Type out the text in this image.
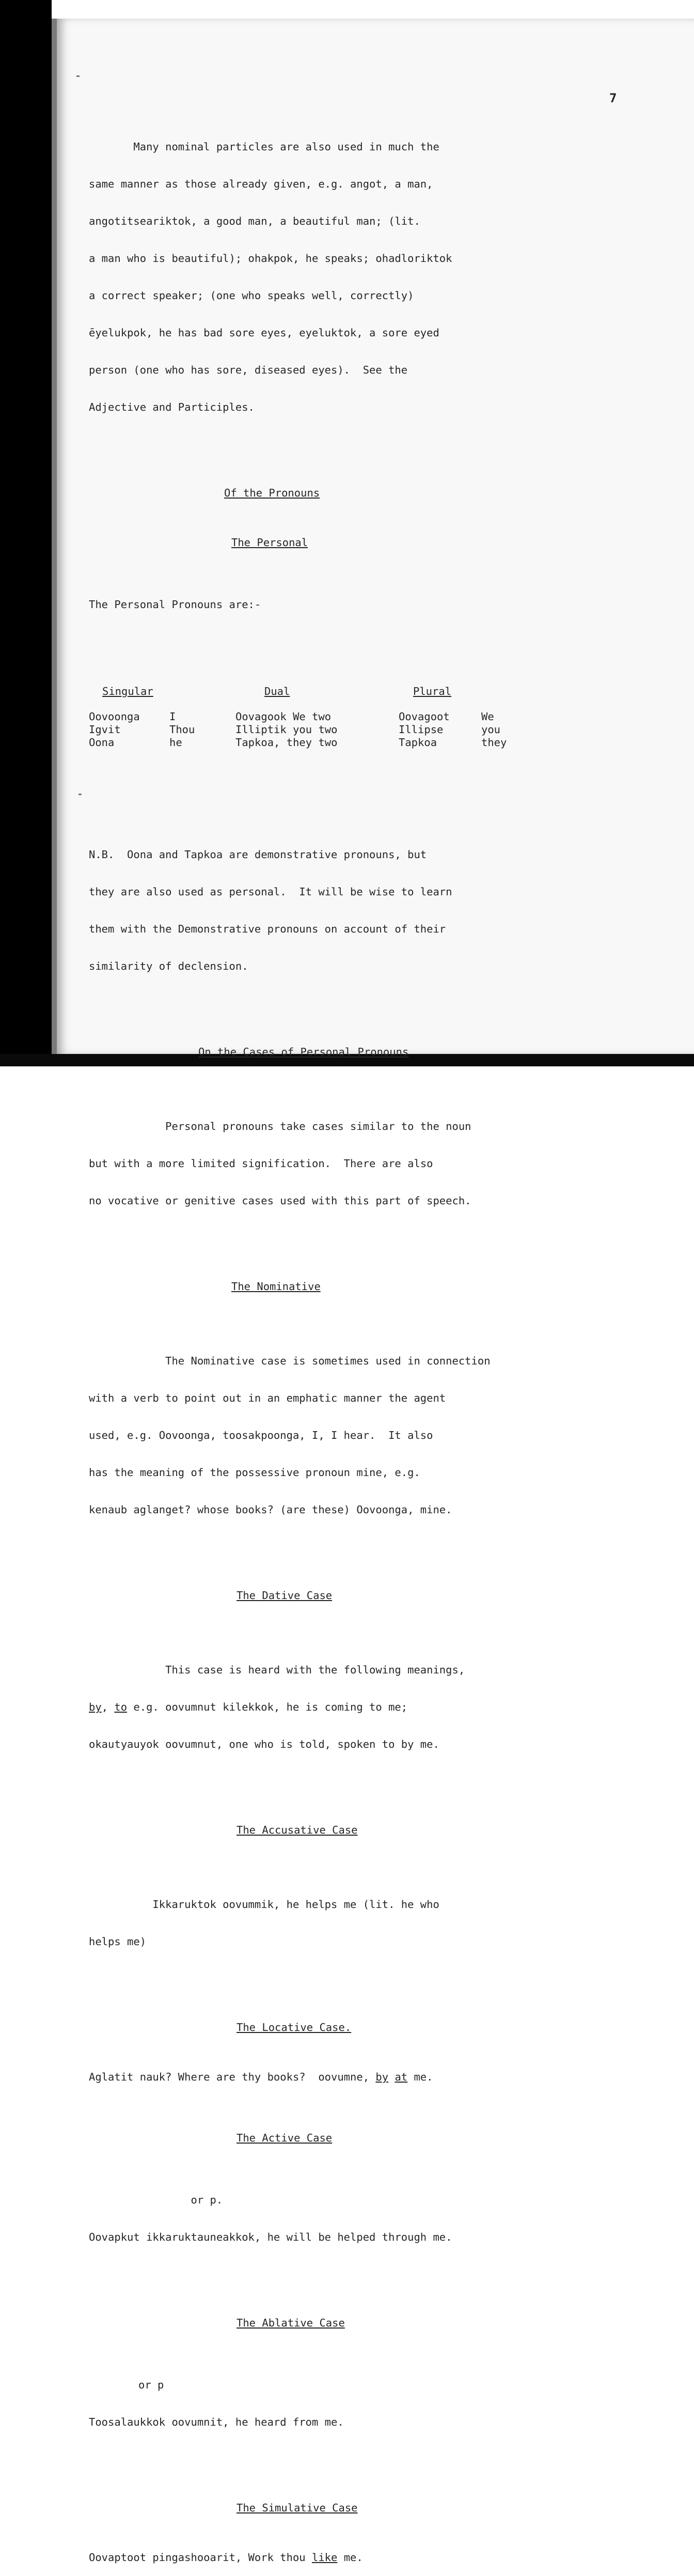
7

Many nominal particles are also used in much the

same manner as those already given, e.g. angot, a man,

angotitseariktok, a good man, a beautiful man; (lit.

a man who is beautiful); ohakpok, he speaks; ohadloriktok

a correct speaker; (one who speaks well, correctly)

ēyelukpok, he has bad sore eyes, eyeluktok, a sore eyed

person (one who has sore, diseased eyes).  See the

Adjective and Participles.

Of the Pronouns

The Personal

The Personal Pronouns are:-

Singular	Dual	Plural
Oovoonga	I	Oovagook We two	Oovagoot	We
Igvit	Thou	Illiptik you two	Illipse	you
Oona	he	Tapkoa, they two	Tapkoa	they

N.B.  Oona and Tapkoa are demonstrative pronouns, but

they are also used as personal.  It will be wise to learn

them with the Demonstrative pronouns on account of their

similarity of declension.

On the Cases of Personal Pronouns

Personal pronouns take cases similar to the noun

but with a more limited signification.  There are also

no vocative or genitive cases used with this part of speech.

The Nominative

The Nominative case is sometimes used in connection

with a verb to point out in an emphatic manner the agent

used, e.g. Oovoonga, toosakpoonga, I, I hear.  It also

has the meaning of the possessive pronoun mine, e.g.

kenaub aglanget? whose books? (are these) Oovoonga, mine.

The Dative Case

This case is heard with the following meanings,

by, to e.g. oovumnut kilekkok, he is coming to me;

okautyauyok oovumnut, one who is told, spoken to by me.

The Accusative Case

Ikkaruktok oovummik, he helps me (lit. he who

helps me)

The Locative Case.

Aglatit nauk? Where are thy books?  oovumne, by at me.

The Active Case

or p.

Oovapkut ikkaruktauneakkok, he will be helped through me.

The Ablative Case

or p

Toosalaukkok oovumnit, he heard from me.

The Simulative Case

Oovaptoot pingashooarit, Work thou like me.
